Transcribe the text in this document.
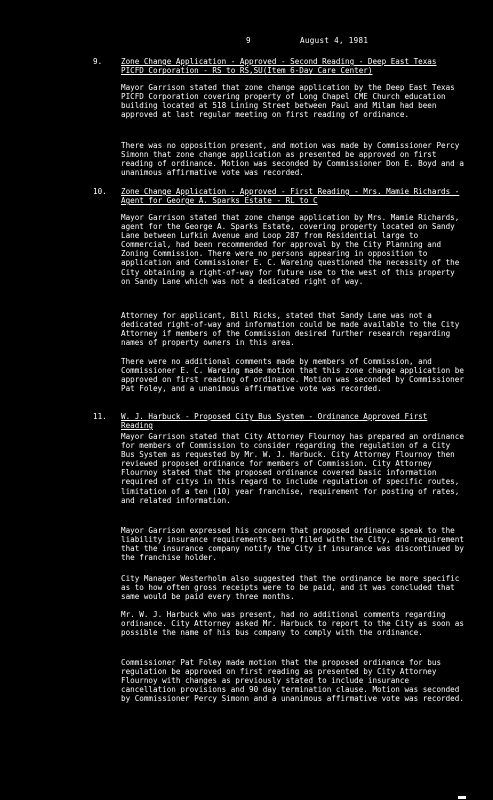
9	August 4, 1981
9. Zone Change Application - Approved - Second Reading - Deep East Texas PICFD Corporation - RS to RS,SU(Item 6-Day Care Center)

Mayor Garrison stated that zone change application by the Deep East Texas PICFD Corporation covering property of Long Chapel CME Church education building located at 518 Lining Street between Paul and Milam had been approved at last regular meeting on first reading of ordinance.

There was no opposition present, and motion was made by Commissioner Percy Simonn that zone change application as presented be approved on first reading of ordinance. Motion was seconded by Commissioner Don E. Boyd and a unanimous affirmative vote was recorded.

10. Zone Change Application - Approved - First Reading - Mrs. Mamie Richards - Agent for George A. Sparks Estate - RL to C

Mayor Garrison stated that zone change application by Mrs. Mamie Richards, agent for the George A. Sparks Estate, covering property located on Sandy Lane between Lufkin Avenue and Loop 287 from Residential large to Commercial, had been recommended for approval by the City Planning and Zoning Commission. There were no persons appearing in opposition to application and Commissioner E. C. Wareing questioned the necessity of the City obtaining a right-of-way for future use to the west of this property on Sandy Lane which was not a dedicated right of way.

Attorney for applicant, Bill Ricks, stated that Sandy Lane was not a dedicated right-of-way and information could be made available to the City Attorney if members of the Commission desired further research regarding names of property owners in this area.

There were no additional comments made by members of Commission, and Commissioner E. C. Wareing made motion that this zone change application be approved on first reading of ordinance. Motion was seconded by Commissioner Pat Foley, and a unanimous affirmative vote was recorded.

11. W. J. Harbuck - Proposed City Bus System - Ordinance Approved First Reading

Mayor Garrison stated that City Attorney Flournoy has prepared an ordinance for members of Commission to consider regarding the regulation of a City Bus System as requested by Mr. W. J. Harbuck. City Attorney Flournoy then reviewed proposed ordinance for members of Commission. City Attorney Flournoy stated that the proposed ordinance covered basic information required of citys in this regard to include regulation of specific routes, limitation of a ten (10) year franchise, requirement for posting of rates, and related information.

Mayor Garrison expressed his concern that proposed ordinance speak to the liability insurance requirements being filed with the City, and requirement that the insurance company notify the City if insurance was discontinued by the franchise holder.

City Manager Westerholm also suggested that the ordinance be more specific as to how often gross receipts were to be paid, and it was concluded that same would be paid every three months.

Mr. W. J. Harbuck who was present, had no additional comments regarding ordinance. City Attorney asked Mr. Harbuck to report to the City as soon as possible the name of his bus company to comply with the ordinance.

Commissioner Pat Foley made motion that the proposed ordinance for bus regulation be approved on first reading as presented by City Attorney Flournoy with changes as previously stated to include insurance cancellation provisions and 90 day termination clause. Motion was seconded by Commissioner Percy Simonn and a unanimous affirmative vote was recorded.
